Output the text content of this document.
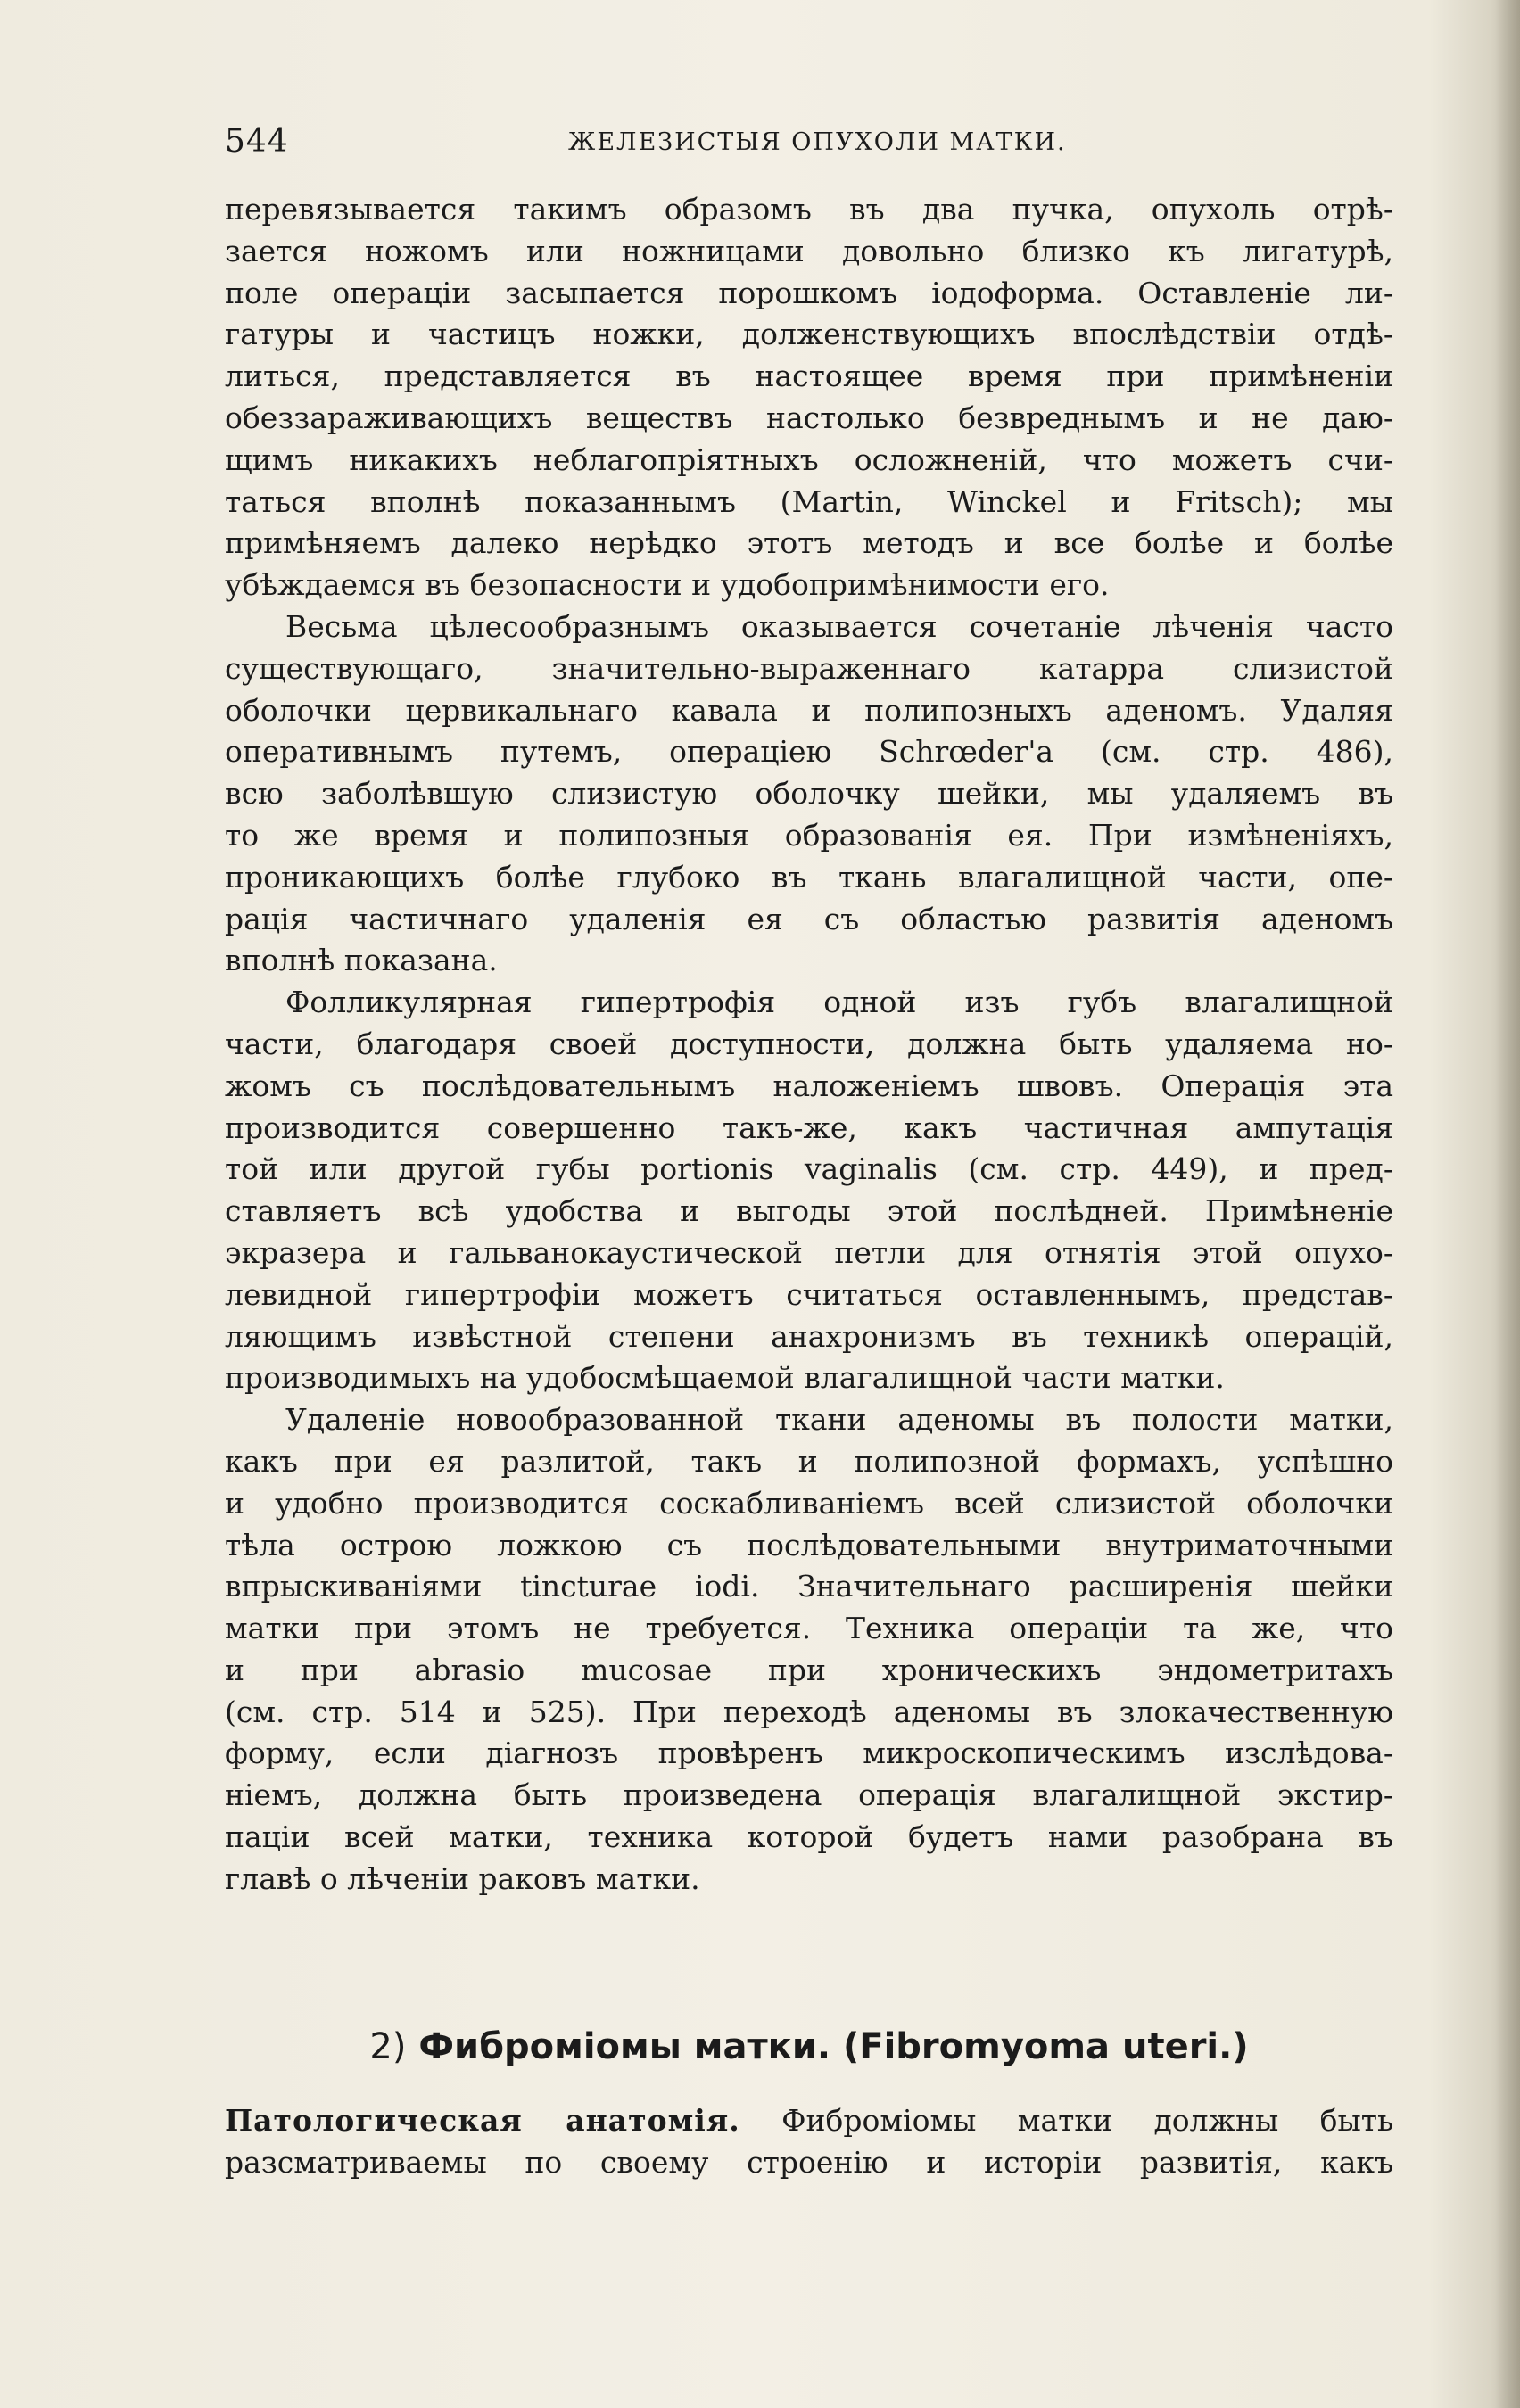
544	ЖЕЛЕЗИСТЫЯ ОПУХОЛИ МАТКИ.
перевязывается такимъ образомъ въ два пучка, опухоль отрѣ-
зается ножомъ или ножницами довольно близко къ лигатурѣ,
поле операціи засыпается порошкомъ іодоформа. Оставленіе ли-
гатуры и частицъ ножки, долженствующихъ впослѣдствіи отдѣ-
литься, представляется въ настоящее время при примѣненіи
обеззараживающихъ веществъ настолько безвреднымъ и не даю-
щимъ никакихъ неблагопріятныхъ осложненій, что можетъ счи-
таться вполнѣ показаннымъ (Martin, Winckel и Fritsch); мы
примѣняемъ далеко нерѣдко этотъ методъ и все болѣе и болѣе
убѣждаемся въ безопасности и удобопримѣнимости его.
Весьма цѣлесообразнымъ оказывается сочетаніе лѣченія часто
существующаго, значительно-выраженнаго катарра слизистой
оболочки цервикальнаго кавала и полипозныхъ аденомъ. Удаляя
оперативнымъ путемъ, операціею Schrœder'а (см. стр. 486),
всю заболѣвшую слизистую оболочку шейки, мы удаляемъ въ
то же время и полипозныя образованія ея. При измѣненіяхъ,
проникающихъ болѣе глубоко въ ткань влагалищной части, опе-
рація частичнаго удаленія ея съ областью развитія аденомъ
вполнѣ показана.
Фолликулярная гипертрофія одной изъ губъ влагалищной
части, благодаря своей доступности, должна быть удаляема но-
жомъ съ послѣдовательнымъ наложеніемъ швовъ. Операція эта
производится совершенно такъ-же, какъ частичная ампутація
той или другой губы portionis vaginalis (см. стр. 449), и пред-
ставляетъ всѣ удобства и выгоды этой послѣдней. Примѣненіе
экразера и гальванокаустической петли для отнятія этой опухо-
левидной гипертрофіи можетъ считаться оставленнымъ, представ-
ляющимъ извѣстной степени анахронизмъ въ техникѣ операцій,
производимыхъ на удобосмѣщаемой влагалищной части матки.
Удаленіе новообразованной ткани аденомы въ полости матки,
какъ при ея разлитой, такъ и полипозной формахъ, успѣшно
и удобно производится соскабливаніемъ всей слизистой оболочки
тѣла острою ложкою съ послѣдовательными внутриматочными
впрыскиваніями tincturae iodi. Значительнаго расширенія шейки
матки при этомъ не требуется. Техника операціи та же, что
и при abrasio mucosae при хроническихъ эндометритахъ
(см. стр. 514 и 525). При переходѣ аденомы въ злокачественную
форму, если діагнозъ провѣренъ микроскопическимъ изслѣдова-
ніемъ, должна быть произведена операція влагалищной экстир-
паціи всей матки, техника которой будетъ нами разобрана въ
главѣ о лѣченіи раковъ матки.
2) Фиброміомы матки. (Fibromyoma uteri.)
Патологическая анатомія. Фиброміомы матки должны быть
разсматриваемы по своему строенію и исторіи развитія, какъ
